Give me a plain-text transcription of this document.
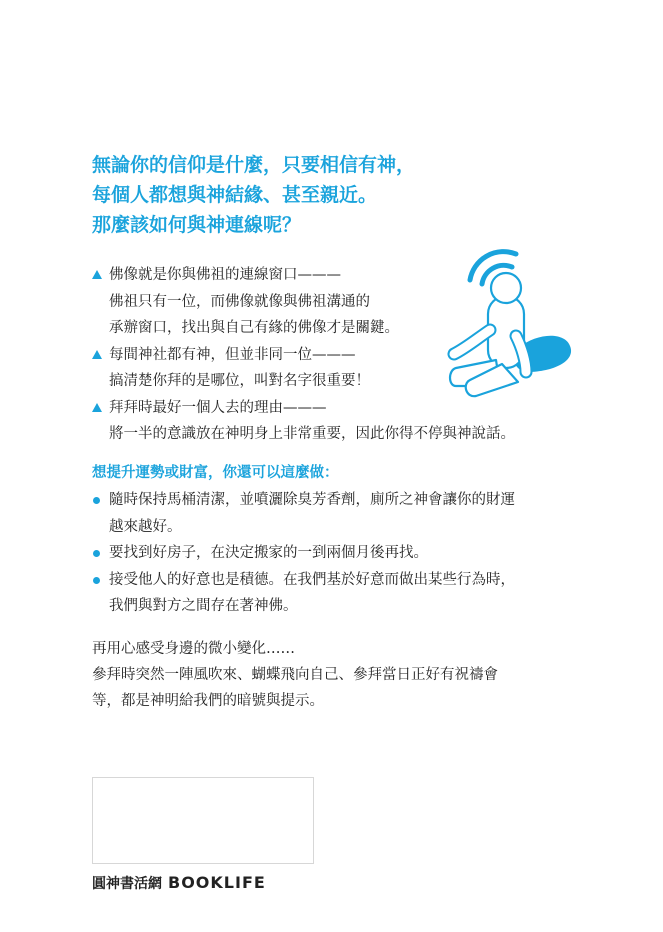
無論你的信仰是什麼，只要相信有神，
每個人都想與神結緣、甚至親近。
那麼該如何與神連線呢？
佛像就是你與佛祖的連線窗口———
佛祖只有一位，而佛像就像與佛祖溝通的
承辦窗口，找出與自己有緣的佛像才是關鍵。
每間神社都有神，但並非同一位———
搞清楚你拜的是哪位，叫對名字很重要！
拜拜時最好一個人去的理由———
將一半的意識放在神明身上非常重要，因此你得不停與神說話。
想提升運勢或財富，你還可以這麼做：
隨時保持馬桶清潔，並噴灑除臭芳香劑，廁所之神會讓你的財運
越來越好。
要找到好房子，在決定搬家的一到兩個月後再找。
接受他人的好意也是積德。在我們基於好意而做出某些行為時，
我們與對方之間存在著神佛。
再用心感受身邊的微小變化……
參拜時突然一陣風吹來、蝴蝶飛向自己、參拜當日正好有祝禱會
等，都是神明給我們的暗號與提示。
圓神書活網 BOOKLIFE
